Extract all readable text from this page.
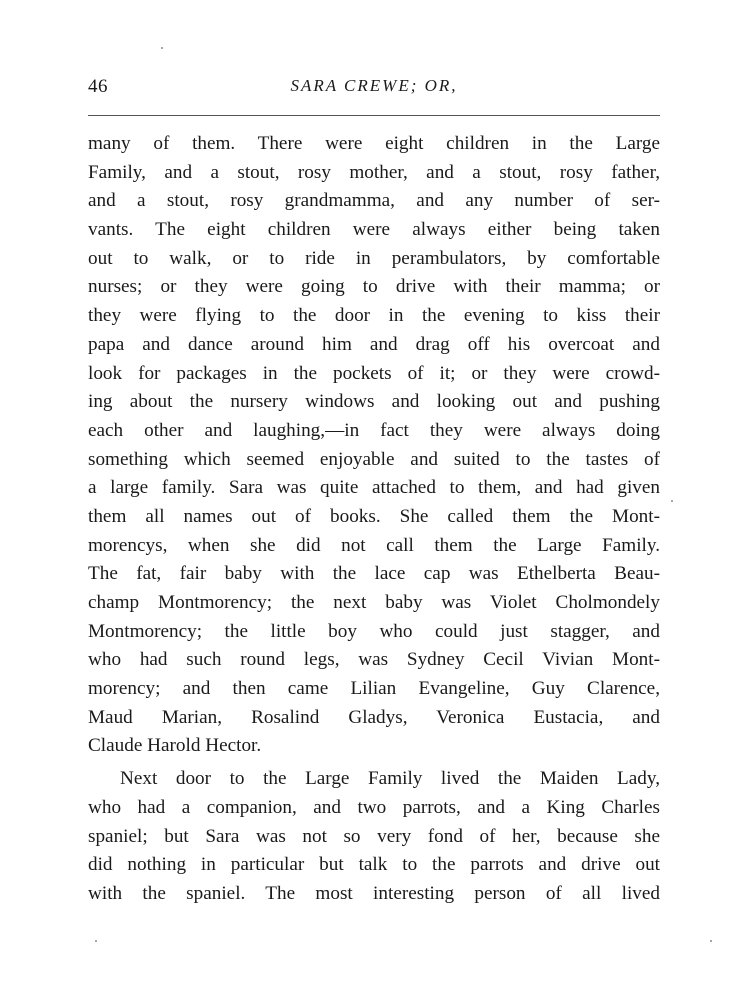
46	SARA CREWE; OR,
many of them. There were eight children in the Large
Family, and a stout, rosy mother, and a stout, rosy father,
and a stout, rosy grandmamma, and any number of ser-
vants. The eight children were always either being taken
out to walk, or to ride in perambulators, by comfortable
nurses; or they were going to drive with their mamma; or
they were flying to the door in the evening to kiss their
papa and dance around him and drag off his overcoat and
look for packages in the pockets of it; or they were crowd-
ing about the nursery windows and looking out and pushing
each other and laughing,—in fact they were always doing
something which seemed enjoyable and suited to the tastes of
a large family. Sara was quite attached to them, and had given
them all names out of books. She called them the Mont-
morencys, when she did not call them the Large Family.
The fat, fair baby with the lace cap was Ethelberta Beau-
champ Montmorency; the next baby was Violet Cholmondely
Montmorency; the little boy who could just stagger, and
who had such round legs, was Sydney Cecil Vivian Mont-
morency; and then came Lilian Evangeline, Guy Clarence,
Maud Marian, Rosalind Gladys, Veronica Eustacia, and
Claude Harold Hector.
Next door to the Large Family lived the Maiden Lady,
who had a companion, and two parrots, and a King Charles
spaniel; but Sara was not so very fond of her, because she
did nothing in particular but talk to the parrots and drive out
with the spaniel. The most interesting person of all lived
